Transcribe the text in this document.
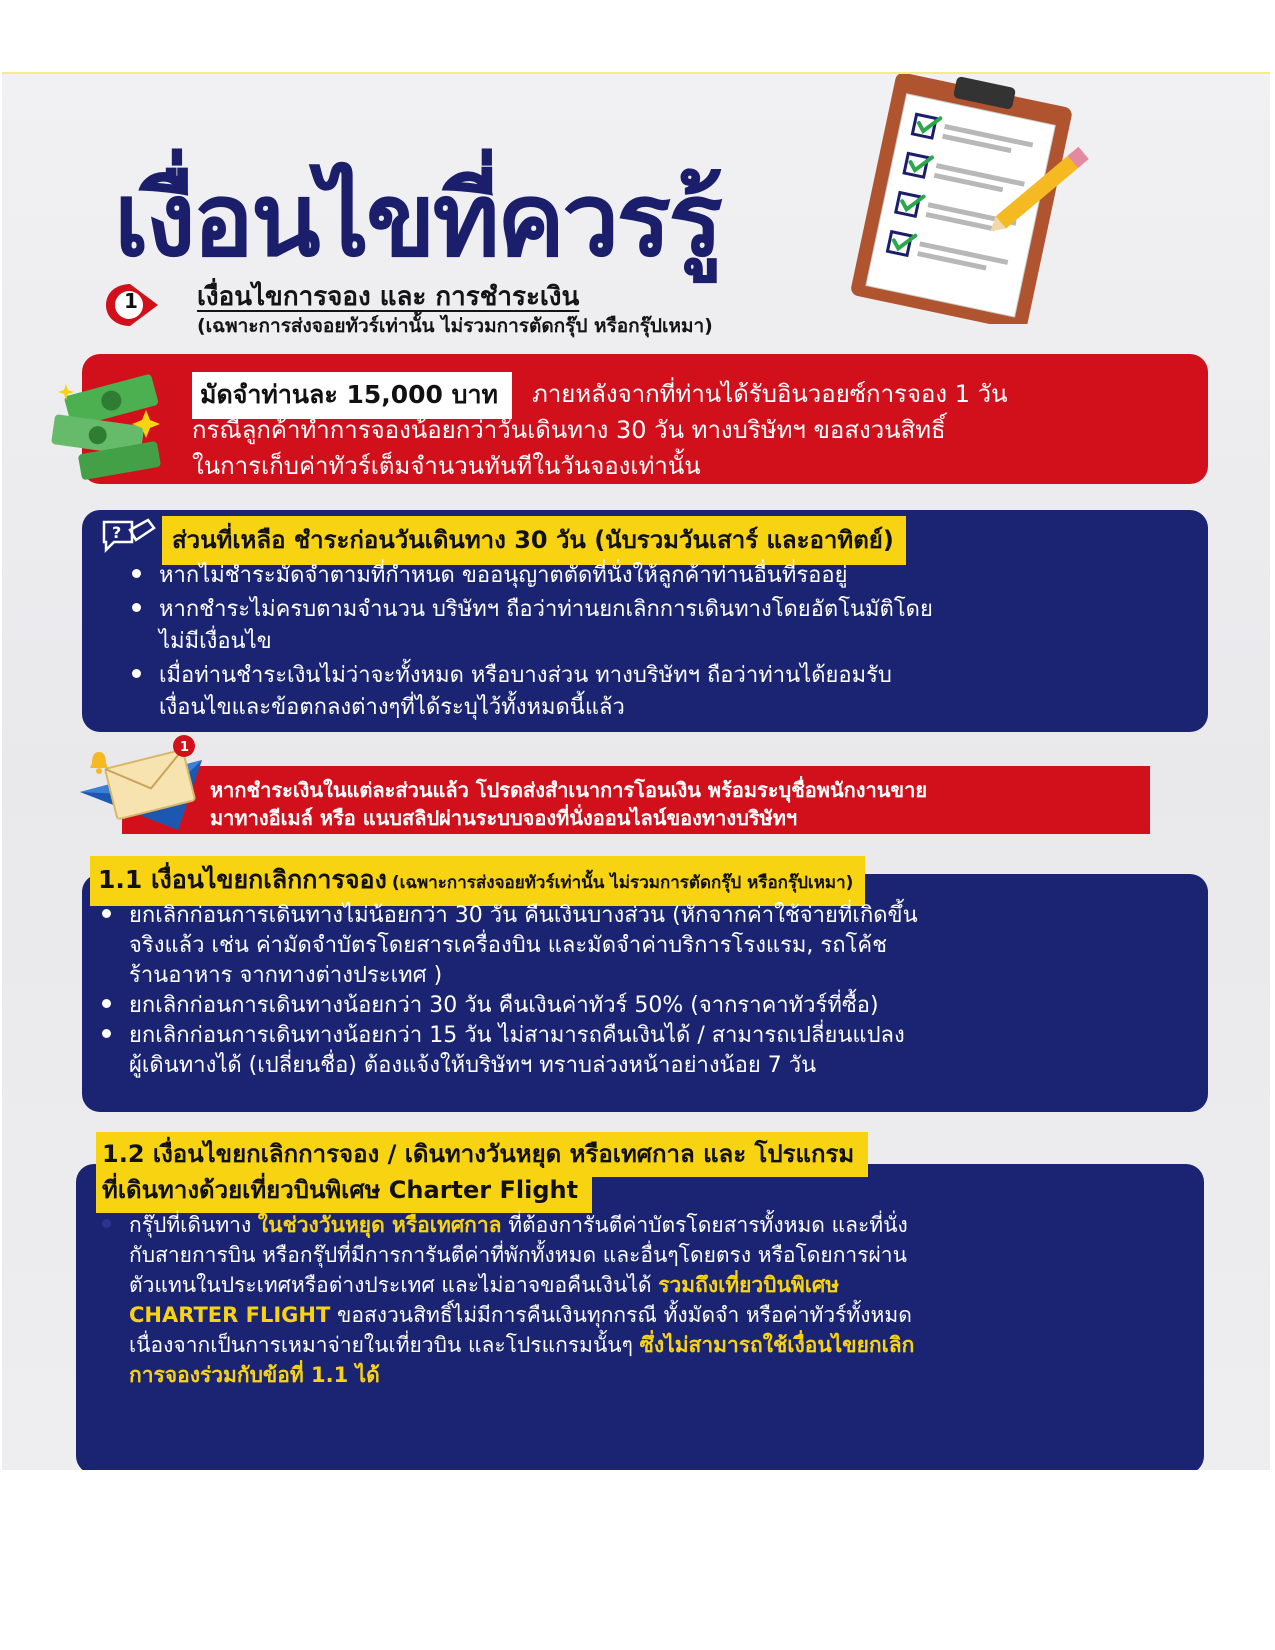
เงื่อนไขที่ควรรู้
1 เงื่อนไขการจอง และ การชำระเงิน
(เฉพาะการส่งจอยทัวร์เท่านั้น ไม่รวมการตัดกรุ๊ป หรือกรุ๊ปเหมา)
มัดจำท่านละ 15,000 บาท	ภายหลังจากที่ท่านได้รับอินวอยซ์การจอง 1 วัน
กรณีลูกค้าทำการจองน้อยกว่าวันเดินทาง 30 วัน ทางบริษัทฯ ขอสงวนสิทธิ์
ในการเก็บค่าทัวร์เต็มจำนวนทันทีในวันจองเท่านั้น
?	ส่วนที่เหลือ ชำระก่อนวันเดินทาง 30 วัน (นับรวมวันเสาร์ และอาทิตย์)
หากไม่ชำระมัดจำตามที่กำหนด ขออนุญาตตัดที่นั่งให้ลูกค้าท่านอื่นที่รออยู่
หากชำระไม่ครบตามจำนวน บริษัทฯ ถือว่าท่านยกเลิกการเดินทางโดยอัตโนมัติโดย
ไม่มีเงื่อนไข
เมื่อท่านชำระเงินไม่ว่าจะทั้งหมด หรือบางส่วน ทางบริษัทฯ ถือว่าท่านได้ยอมรับ
เงื่อนไขและข้อตกลงต่างๆที่ได้ระบุไว้ทั้งหมดนี้แล้ว
1
หากชำระเงินในแต่ละส่วนแล้ว โปรดส่งสำเนาการโอนเงิน พร้อมระบุชื่อพนักงานขาย
มาทางอีเมล์ หรือ แนบสลิปผ่านระบบจองที่นั่งออนไลน์ของทางบริษัทฯ
1.1 เงื่อนไขยกเลิกการจอง (เฉพาะการส่งจอยทัวร์เท่านั้น ไม่รวมการตัดกรุ๊ป หรือกรุ๊ปเหมา)
ยกเลิกก่อนการเดินทางไม่น้อยกว่า 30 วัน คืนเงินบางส่วน (หักจากค่าใช้จ่ายที่เกิดขึ้น
จริงแล้ว เช่น ค่ามัดจำบัตรโดยสารเครื่องบิน และมัดจำค่าบริการโรงแรม, รถโค้ช
ร้านอาหาร จากทางต่างประเทศ )
ยกเลิกก่อนการเดินทางน้อยกว่า 30 วัน คืนเงินค่าทัวร์ 50% (จากราคาทัวร์ที่ซื้อ)
ยกเลิกก่อนการเดินทางน้อยกว่า 15 วัน ไม่สามารถคืนเงินได้ / สามารถเปลี่ยนแปลง
ผู้เดินทางได้ (เปลี่ยนชื่อ) ต้องแจ้งให้บริษัทฯ ทราบล่วงหน้าอย่างน้อย 7 วัน
1.2 เงื่อนไขยกเลิกการจอง / เดินทางวันหยุด หรือเทศกาล และ โปรแกรม
ที่เดินทางด้วยเที่ยวบินพิเศษ Charter Flight
กรุ๊ปที่เดินทาง ในช่วงวันหยุด หรือเทศกาล ที่ต้องการันตีค่าบัตรโดยสารทั้งหมด และที่นั่ง
กับสายการบิน หรือกรุ๊ปที่มีการการันตีค่าที่พักทั้งหมด และอื่นๆโดยตรง หรือโดยการผ่าน
ตัวแทนในประเทศหรือต่างประเทศ และไม่อาจขอคืนเงินได้ รวมถึงเที่ยวบินพิเศษ
CHARTER FLIGHT ขอสงวนสิทธิ์ไม่มีการคืนเงินทุกกรณี ทั้งมัดจำ หรือค่าทัวร์ทั้งหมด
เนื่องจากเป็นการเหมาจ่ายในเที่ยวบิน และโปรแกรมนั้นๆ ซึ่งไม่สามารถใช้เงื่อนไขยกเลิก
การจองร่วมกับข้อที่ 1.1 ได้
